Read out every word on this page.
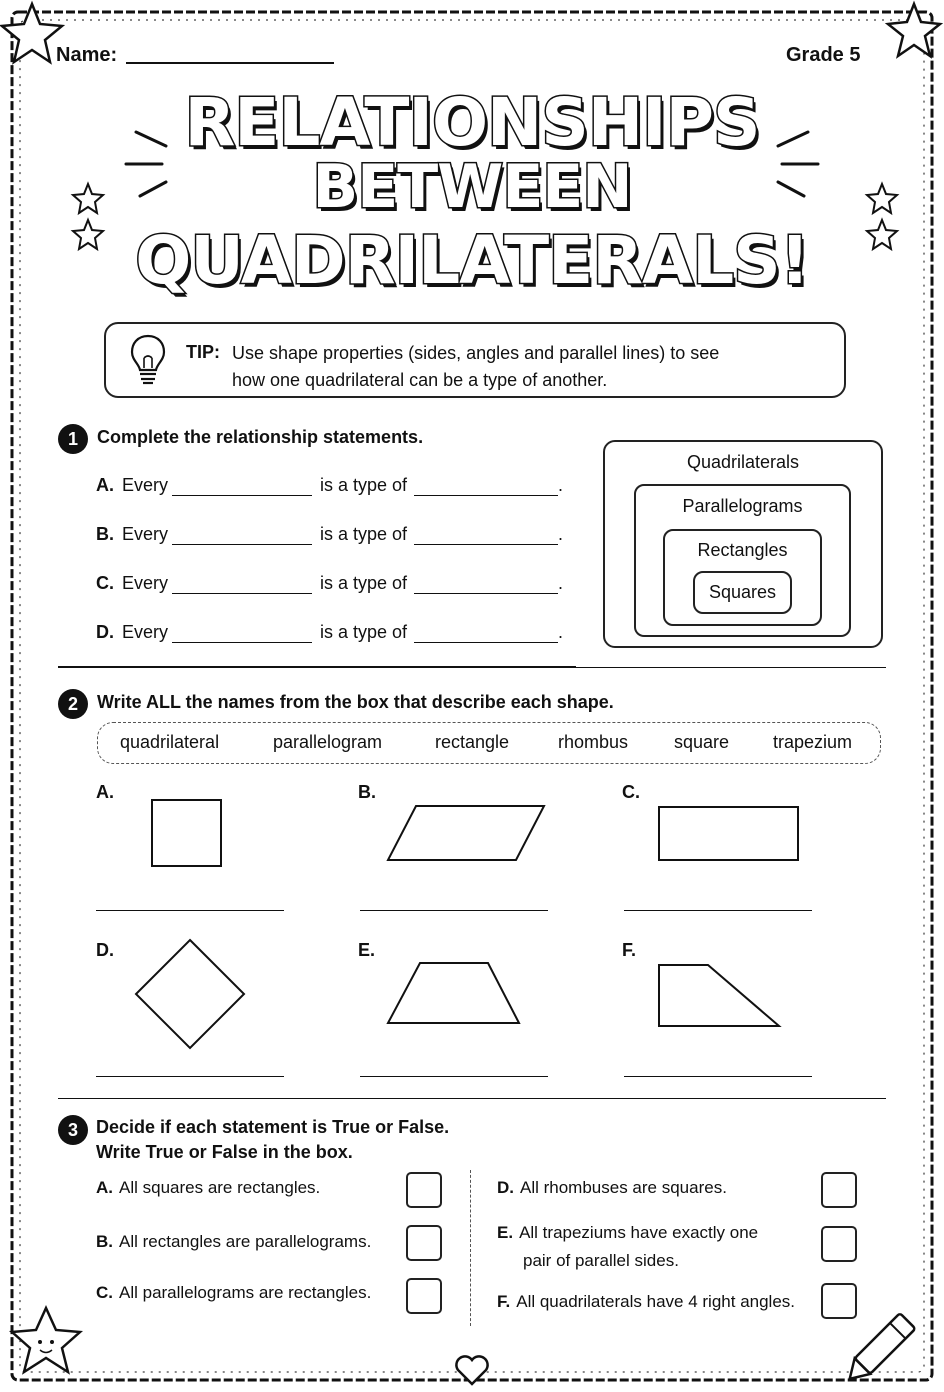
Name:	Grade 5
RELATIONSHIPS
BETWEEN
QUADRILATERALS!
TIP: Use shape properties (sides, angles and parallel lines) to see
how one quadrilateral can be a type of another.
1	Complete the relationship statements.
A. Every	is a type of	.
B. Every	is a type of	.
C. Every	is a type of	.
D. Every	is a type of	.
Quadrilaterals
Parallelograms
Rectangles
Squares
2	Write ALL the names from the box that describe each shape.
quadrilateral	parallelogram	rectangle	rhombus	square trapezium
A.	B.	C.
D.	E.	F.
3	Decide if each statement is True or False.
Write True or False in the box.
A. All squares are rectangles.
B. All rectangles are parallelograms.
C. All parallelograms are rectangles.
D. All rhombuses are squares.
E. All trapeziums have exactly one
pair of parallel sides.
F. All quadrilaterals have 4 right angles.
